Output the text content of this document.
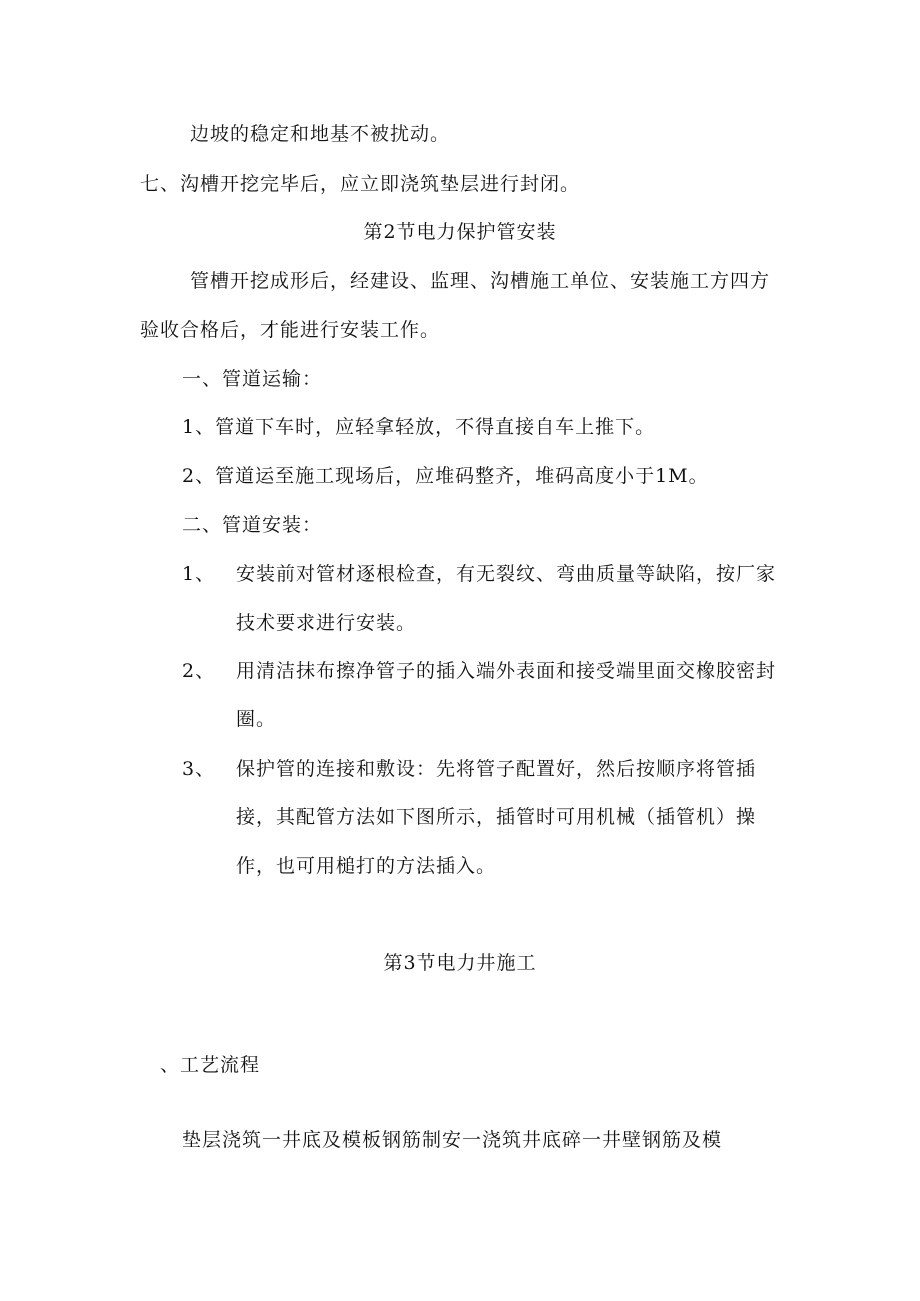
边坡的稳定和地基不被扰动。
七、沟槽开挖完毕后，应立即浇筑垫层进行封闭。
第2节电力保护管安装
管槽开挖成形后，经建设、监理、沟槽施工单位、安装施工方四方
验收合格后，才能进行安装工作。
一、管道运输：
1、管道下车时，应轻拿轻放，不得直接自车上推下。
2、管道运至施工现场后，应堆码整齐，堆码高度小于1M。
二、管道安装：
1、 安装前对管材逐根检查，有无裂纹、弯曲质量等缺陷，按厂家
技术要求进行安装。
2、 用清洁抹布擦净管子的插入端外表面和接受端里面交橡胶密封
圈。
3、 保护管的连接和敷设：先将管子配置好，然后按顺序将管插
接，其配管方法如下图所示，插管时可用机械（插管机）操
作，也可用槌打的方法插入。
第3节电力井施工
、工艺流程
垫层浇筑一井底及模板钢筋制安一浇筑井底碎一井壁钢筋及模
